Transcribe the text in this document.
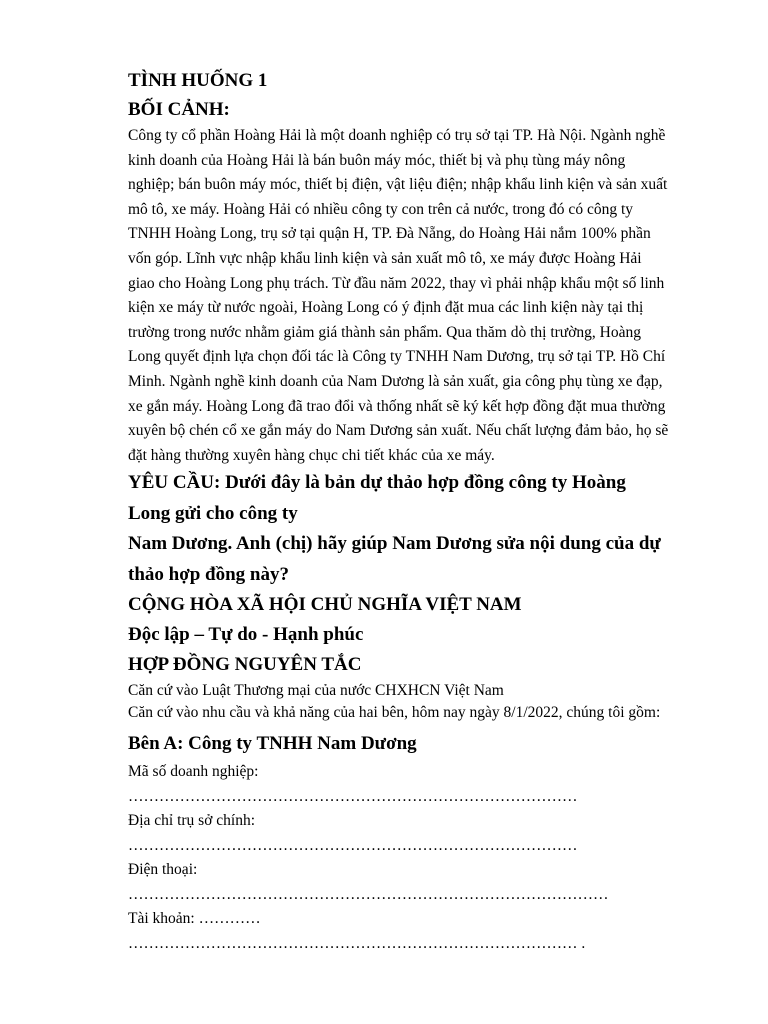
TÌNH HUỐNG 1

BỐI CẢNH:

Công ty cổ phần Hoàng Hải là một doanh nghiệp có trụ sở tại TP. Hà Nội. Ngành nghề
kinh doanh của Hoàng Hải là bán buôn máy móc, thiết bị và phụ tùng máy nông
nghiệp; bán buôn máy móc, thiết bị điện, vật liệu điện; nhập khẩu linh kiện và sản xuất
mô tô, xe máy. Hoàng Hải có nhiều công ty con trên cả nước, trong đó có công ty
TNHH Hoàng Long, trụ sở tại quận H, TP. Đà Nẵng, do Hoàng Hải nắm 100% phần
vốn góp. Lĩnh vực nhập khẩu linh kiện và sản xuất mô tô, xe máy được Hoàng Hải
giao cho Hoàng Long phụ trách. Từ đầu năm 2022, thay vì phải nhập khẩu một số linh
kiện xe máy từ nước ngoài, Hoàng Long có ý định đặt mua các linh kiện này tại thị
trường trong nước nhằm giảm giá thành sản phẩm. Qua thăm dò thị trường, Hoàng
Long quyết định lựa chọn đối tác là Công ty TNHH Nam Dương, trụ sở tại TP. Hồ Chí
Minh. Ngành nghề kinh doanh của Nam Dương là sản xuất, gia công phụ tùng xe đạp,
xe gắn máy. Hoàng Long đã trao đổi và thống nhất sẽ ký kết hợp đồng đặt mua thường
xuyên bộ chén cổ xe gắn máy do Nam Dương sản xuất. Nếu chất lượng đảm bảo, họ sẽ
đặt hàng thường xuyên hàng chục chi tiết khác của xe máy.
YÊU CẦU: Dưới đây là bản dự thảo hợp đồng công ty Hoàng
Long gửi cho công ty
Nam Dương. Anh (chị) hãy giúp Nam Dương sửa nội dung của dự
thảo hợp đồng này?

CỘNG HÒA XÃ HỘI CHỦ NGHĨA VIỆT NAM

Độc lập – Tự do - Hạnh phúc

HỢP ĐỒNG NGUYÊN TẮC

Căn cứ vào Luật Thương mại của nước CHXHCN Việt Nam

Căn cứ vào nhu cầu và khả năng của hai bên, hôm nay ngày 8/1/2022, chúng tôi gồm:

Bên A: Công ty TNHH Nam Dương

Mã số doanh nghiệp:
……………………………………………………………………………
Địa chỉ trụ sở chính:
……………………………………………………………………………
Điện thoại:
…………………………………………………………………………………
Tài khoản: …………
…………………………………………………………………………… .
